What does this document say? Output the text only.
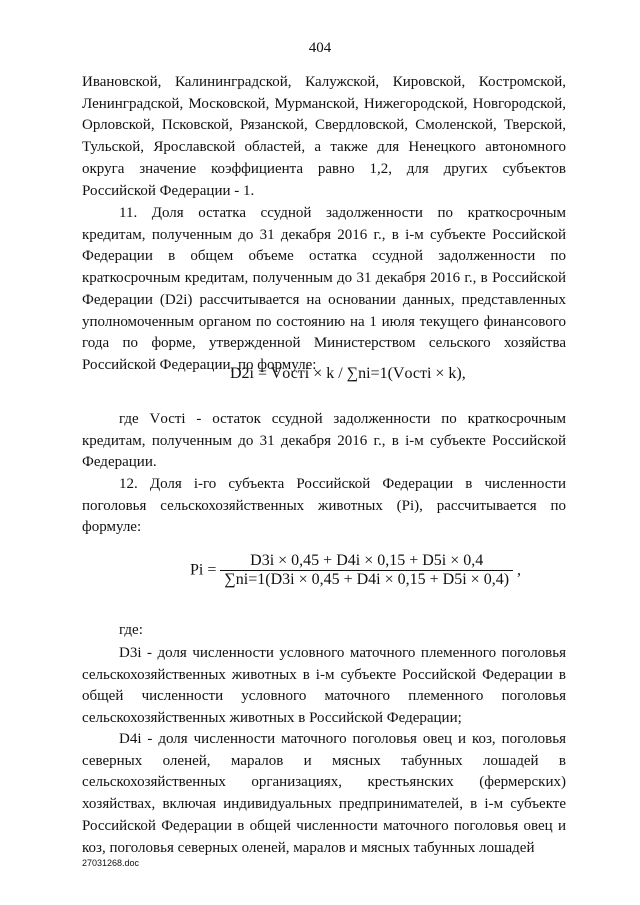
404

Ивановской, Калининградской, Калужской, Кировской, Костромской, Ленинградской, Московской, Мурманской, Нижегородской, Новгородской, Орловской, Псковской, Рязанской, Свердловской, Смоленской, Тверской, Тульской, Ярославской областей, а также для Ненецкого автономного округа значение коэффициента равно 1,2, для других субъектов Российской Федерации - 1.

11. Доля остатка ссудной задолженности по краткосрочным кредитам, полученным до 31 декабря 2016 г., в i-м субъекте Российской Федерации в общем объеме остатка ссудной задолженности по краткосрочным кредитам, полученным до 31 декабря 2016 г., в Российской Федерации (D2i) рассчитывается на основании данных, представленных уполномоченным органом по состоянию на 1 июля текущего финансового года по форме, утвержденной Министерством сельского хозяйства Российской Федерации, по формуле:

D2i = Vостi × k / ∑ni=1(Vостi × k),

где Vостi - остаток ссудной задолженности по краткосрочным кредитам, полученным до 31 декабря 2016 г., в i-м субъекте Российской Федерации.

12. Доля i-го субъекта Российской Федерации в численности поголовья сельскохозяйственных животных (Pi), рассчитывается по формуле:

$Pi = \frac{D3i \times 0,45 + D4i \times 0,15 + D5i \times 0,4}{\sum ni=1(D3i \times 0,45 + D4i \times 0,15 + D5i \times 0,4)}$ ,

где:

D3i - доля численности условного маточного племенного поголовья сельскохозяйственных животных в i-м субъекте Российской Федерации в общей численности условного маточного племенного поголовья сельскохозяйственных животных в Российской Федерации;

D4i - доля численности маточного поголовья овец и коз, поголовья северных оленей, маралов и мясных табунных лошадей в сельскохозяйственных организациях, крестьянских (фермерских) хозяйствах, включая индивидуальных предпринимателей, в i-м субъекте Российской Федерации в общей численности маточного поголовья овец и коз, поголовья северных оленей, маралов и мясных табунных лошадей

27031268.doc
